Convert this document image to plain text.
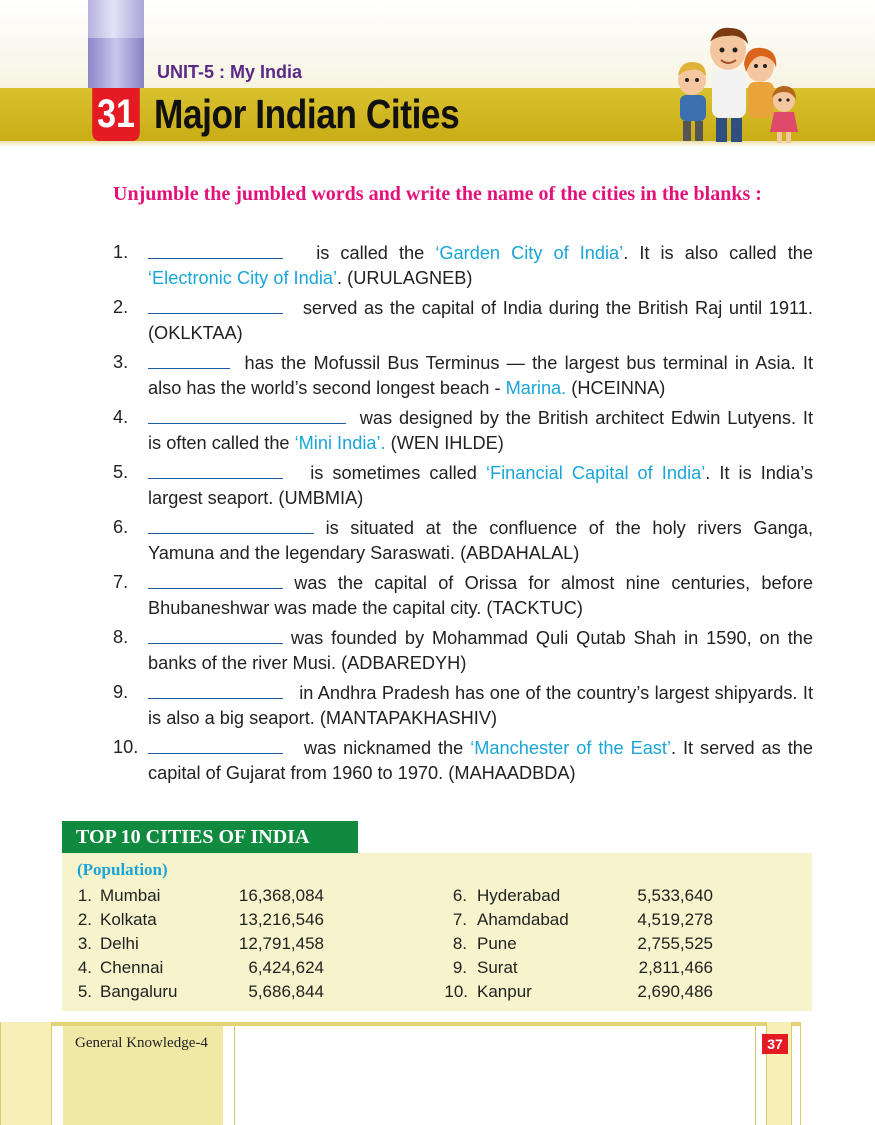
31
UNIT-5 : My India
Major Indian Cities
Unjumble the jumbled words and write the name of the cities in the blanks :
1.	is called the ‘Garden City of India’. It is also called the ‘Electronic City of India’. (URULAGNEB)
2.	served as the capital of India during the British Raj until 1911. (OKLKTAA)
3.	has the Mofussil Bus Terminus — the largest bus terminal in Asia. It also has the world’s second longest beach - Marina. (HCEINNA)
4.	was designed by the British architect Edwin Lutyens. It is often called the ‘Mini India’. (WEN IHLDE)
5.	is sometimes called ‘Financial Capital of India’. It is India’s largest seaport. (UMBMIA)
6.	is situated at the confluence of the holy rivers Ganga, Yamuna and the legendary Saraswati. (ABDAHALAL)
7.	was the capital of Orissa for almost nine centuries, before Bhubaneshwar was made the capital city. (TACKTUC)
8.	was founded by Mohammad Quli Qutab Shah in 1590, on the banks of the river Musi. (ADBAREDYH)
9.	in Andhra Pradesh has one of the country’s largest shipyards. It is also a big seaport. (MANTAPAKHASHIV)
10.	was nicknamed the ‘Manchester of the East’. It served as the capital of Gujarat from 1960 to 1970. (MAHAADBDA)
TOP 10 CITIES OF INDIA
(Population)
1. Mumbai	16,368,084
2. Kolkata	13,216,546
3. Delhi	12,791,458
4. Chennai	6,424,624
5. Bangaluru	5,686,844
6. Hyderabad	5,533,640
7. Ahamdabad	4,519,278
8. Pune	2,755,525
9. Surat	2,811,466
10. Kanpur	2,690,486
General Knowledge-4	37
